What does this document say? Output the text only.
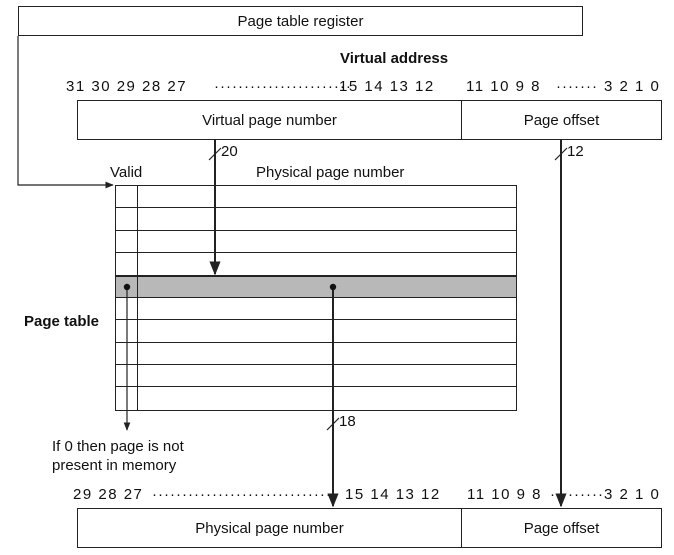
Page table register
Virtual address
31 30 29 28 27 ·······················
15 14 13 12 11 10 9 8 ······· 3 2 1 0
Virtual page number	Page offset
20	12
Valid	Physical page number
Page table
18
If 0 then page is not
present in memory
29 28 27 ······························· 15 14 13 12 11 10 9 8 ········· 3 2 1 0
Physical page number	Page offset
